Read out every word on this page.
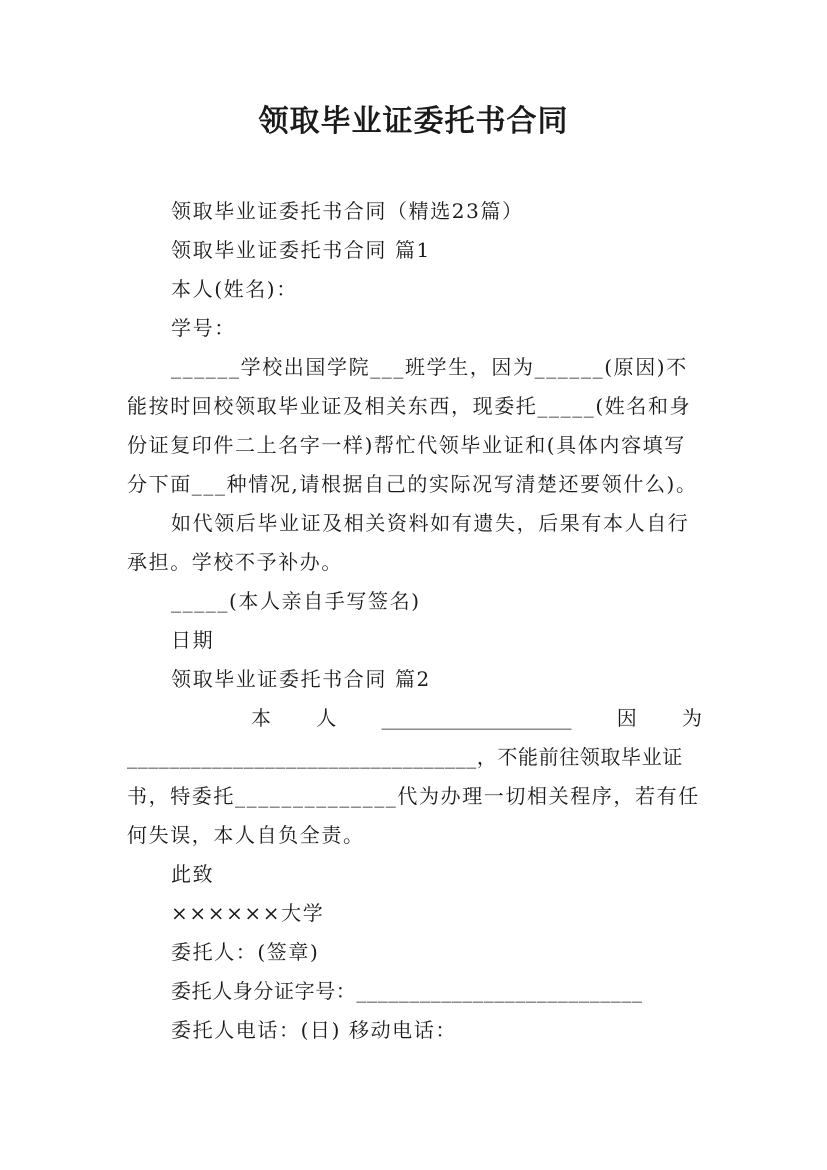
领取毕业证委托书合同
领取毕业证委托书合同（精选23篇）
领取毕业证委托书合同 篇1
本人(姓名)：
学号：
______学校出国学院___班学生，因为______(原因)不
能按时回校领取毕业证及相关东西，现委托_____(姓名和身
份证复印件二上名字一样)帮忙代领毕业证和(具体内容填写
分下面___种情况,请根据自己的实际况写清楚还要领什么)。
如代领后毕业证及相关资料如有遗失，后果有本人自行
承担。学校不予补办。
_____(本人亲自手写签名)
日期
领取毕业证委托书合同 篇2
本 人 ___________________ 因 为
_________________________________，不能前往领取毕业证
书，特委托______________代为办理一切相关程序，若有任
何失误，本人自负全责。
此致
××××××大学
委托人：(签章)
委托人身分证字号：___________________________
委托人电话：(日) 移动电话：
